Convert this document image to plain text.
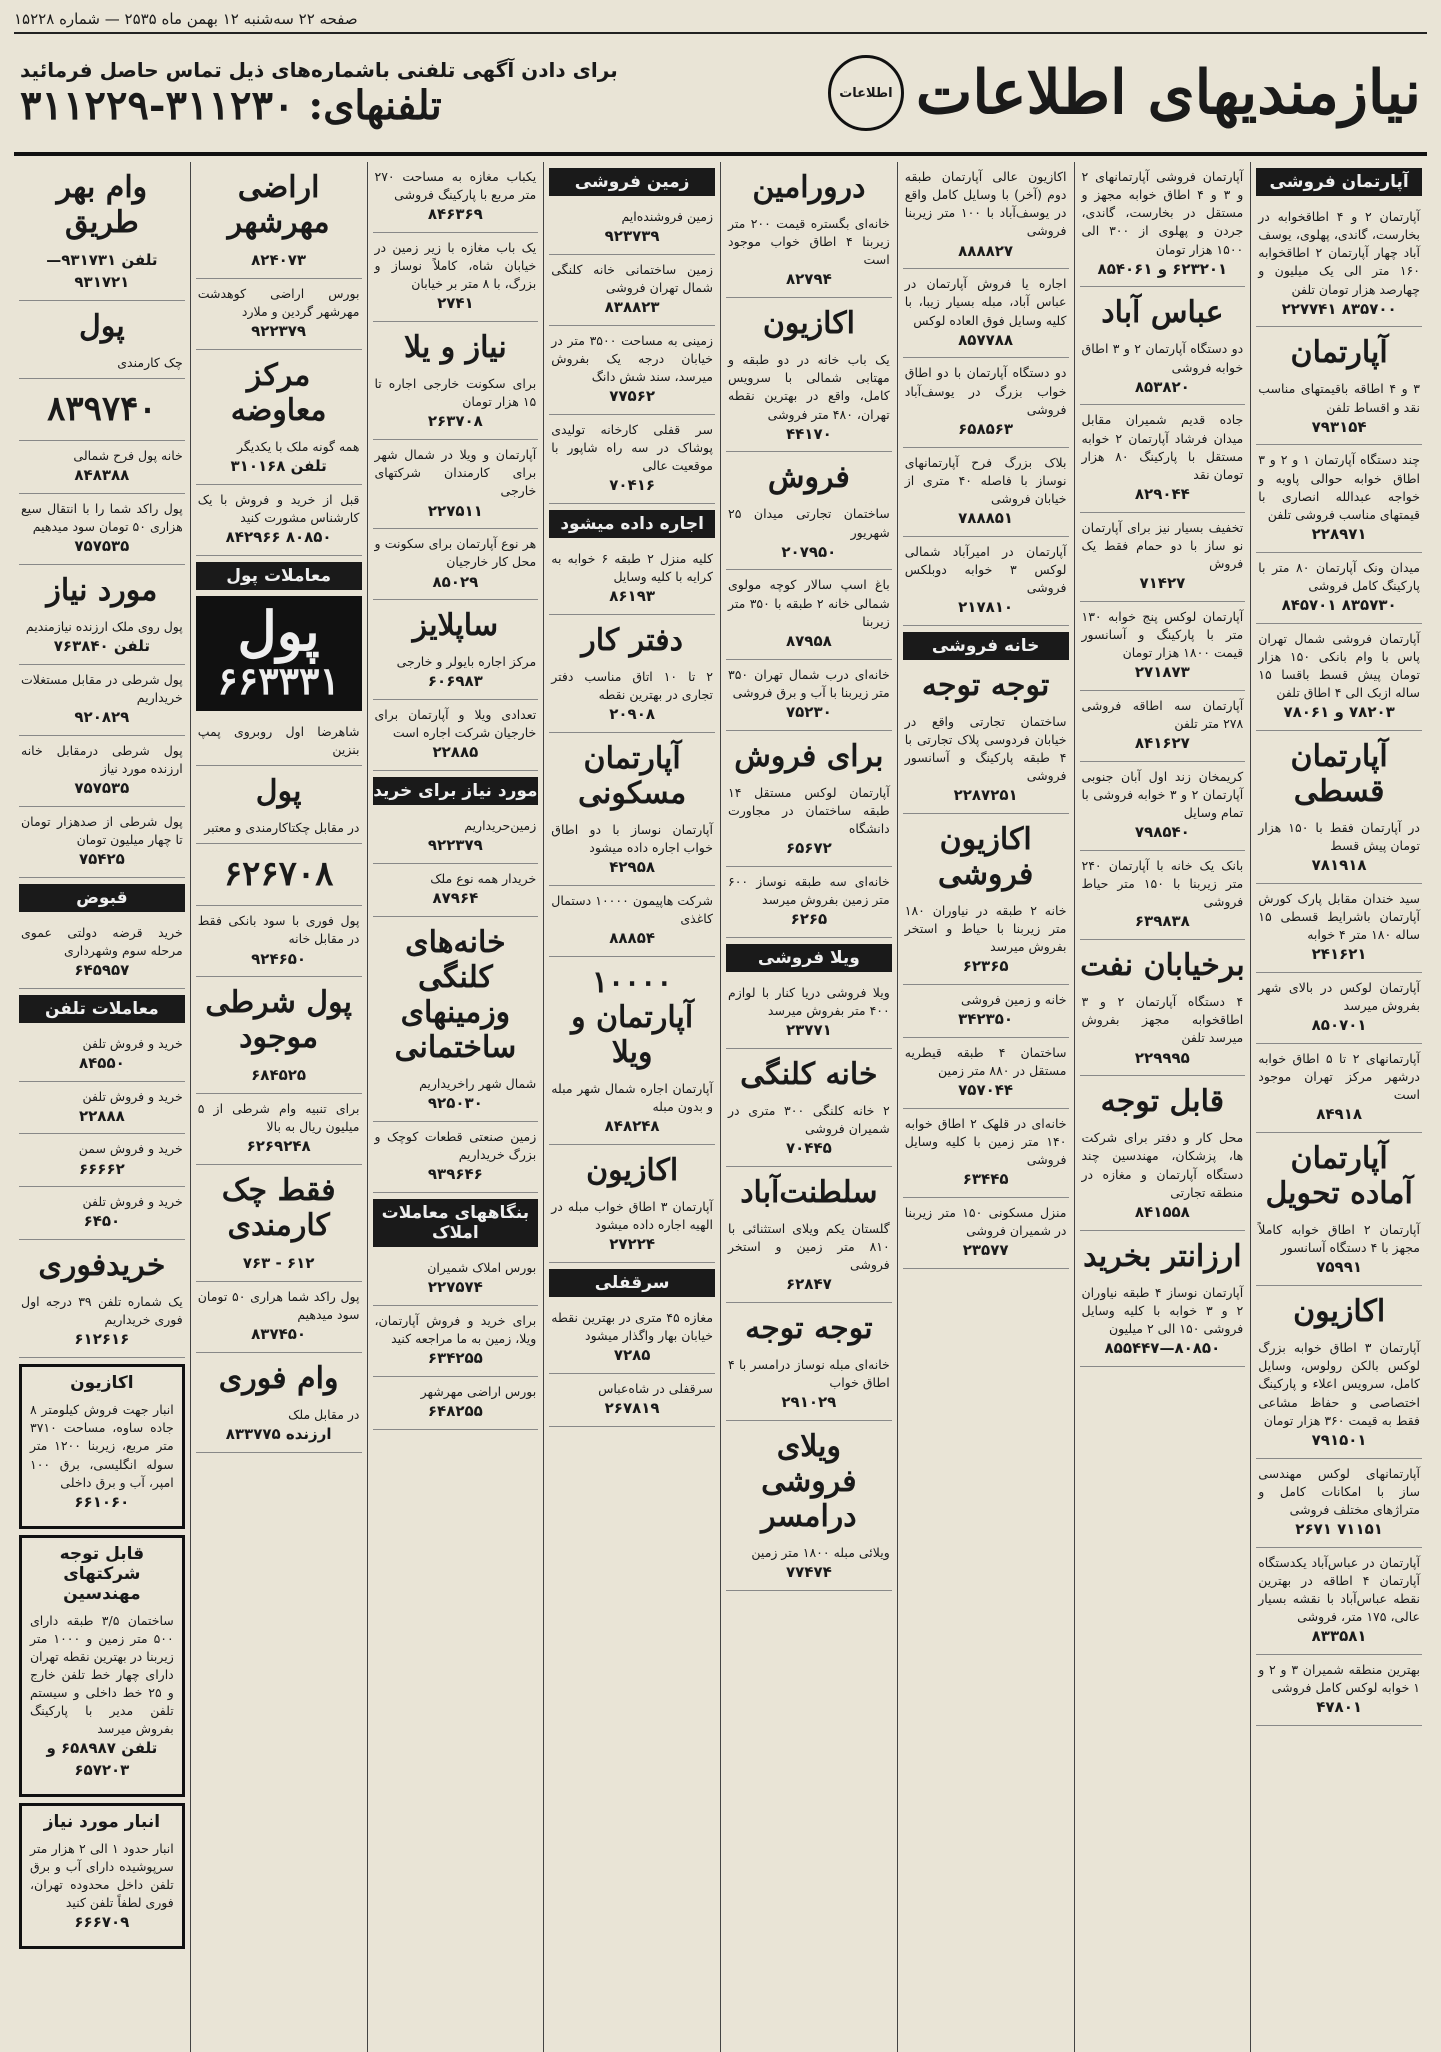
صفحه ۲۲ سه‌شنبه ۱۲ بهمن ماه ۲۵۳۵ — شماره ۱۵۲۲۸
نیازمندیهای اطلاعات
اطلاعات
برای دادن آگهی تلفنی باشماره‌های ذیل تماس حاصل فرمائید
تلفنهای: ۳۱۱۲۳۰-۳۱۱۲۲۹
آپارتمان فروشی
آپارتمان ۲ و ۴ اطاقخوابه در بخارست، گاندی، پهلوی، یوسف آباد چهار آپارتمان ۲ اطاقخوابه ۱۶۰ متر الی یک میلیون و چهارصد هزار تومان تلفن
۸۳۵۷۰۰ ۲۲۷۷۴۱
آپارتمان
۳ و ۴ اطاقه باقیمتهای مناسب نقد و اقساط تلفن
۷۹۳۱۵۴
چند دستگاه آپارتمان ۱ و ۲ و ۳ اطاق خوابه حوالی پاویه و خواجه عبدالله انصاری با قیمتهای مناسب فروشی تلفن
۲۲۸۹۷۱
میدان ونک آپارتمان ۸۰ متر با پارکینگ کامل فروشی
۸۳۵۷۳۰ ۸۴۵۷۰۱
آپارتمان فروشی شمال تهران پاس با وام بانکی ۱۵۰ هزار تومان پیش قسط باقسا ۱۵ ساله ازبک الی ۴ اطاق تلفن
۷۸۲۰۳ و ۷۸۰۶۱
آپارتمان قسطی
در آپارتمان فقط با ۱۵۰ هزار تومان پیش قسط
۷۸۱۹۱۸
سید خندان مقابل پارک کورش آپارتمان باشرایط قسطی ۱۵ ساله ۱۸۰ متر ۴ خوابه
۲۴۱۶۲۱
آپارتمان لوکس در بالای شهر بفروش میرسد
۸۵۰۷۰۱
آپارتمانهای ۲ تا ۵ اطاق خوابه درشهر مرکز تهران موجود است
۸۴۹۱۸
آپارتمان آماده تحویل
آپارتمان ۲ اطاق خوابه کاملاً مجهز با ۴ دستگاه آسانسور
۷۵۹۹۱
اکازیون
آپارتمان ۳ اطاق خوابه بزرگ لوکس بالکن رولوس، وسایل کامل، سرویس اعلاء و پارکینگ اختصاصی و حفاظ مشاعی فقط به قیمت ۳۶۰ هزار تومان
۷۹۱۵۰۱
آپارتمانهای لوکس مهندسی ساز با امکانات کامل و متراژهای مختلف فروشی
۷۱۱۵۱ ۲۶۷۱
آپارتمان در عباس‌آباد یکدستگاه آپارتمان ۴ اطاقه در بهترین نقطه عباس‌آباد با نقشه بسیار عالی، ۱۷۵ متر، فروشی
۸۳۳۵۸۱
بهترین منطقه شمیران ۳ و ۲ و ۱ خوابه لوکس کامل فروشی
۴۷۸۰۱
آپارتمان فروشی آپارتمانهای ۲ و ۳ و ۴ اطاق خوابه مجهز و مستقل در بخارست، گاندی، جردن و پهلوی از ۳۰۰ الی ۱۵۰۰ هزار تومان
۶۲۳۲۰۱ و ۸۵۴۰۶۱
عباس آباد
دو دستگاه آپارتمان ۲ و ۳ اطاق خوابه فروشی
۸۵۳۸۲۰
جاده قدیم شمیران مقابل میدان فرشاد آپارتمان ۲ خوابه مستقل با پارکینگ ۸۰ هزار تومان نقد
۸۲۹۰۴۴
تخفیف بسیار نیز برای آپارتمان نو ساز با دو حمام فقط یک فروش
۷۱۴۲۷
آپارتمان لوکس پنج خوابه ۱۳۰ متر با پارکینگ و آسانسور قیمت ۱۸۰۰ هزار تومان
۲۷۱۸۷۳
آپارتمان سه اطاقه فروشی ۲۷۸ متر تلفن
۸۴۱۶۲۷
کریمخان زند اول آبان جنوبی آپارتمان ۲ و ۳ خوابه فروشی با تمام وسایل
۷۹۸۵۴۰
بانک یک خانه با آپارتمان ۲۴۰ متر زیربنا با ۱۵۰ متر حیاط فروشی
۶۳۹۸۳۸
برخیابان نفت
۴ دستگاه آپارتمان ۲ و ۳ اطاقخوابه مجهز بفروش میرسد تلفن
۲۲۹۹۹۵
قابل توجه
محل کار و دفتر برای شرکت ها، پزشکان، مهندسین چند دستگاه آپارتمان و مغازه در منطقه تجارتی
۸۴۱۵۵۸
ارزانتر بخرید
آپارتمان نوساز ۴ طبقه نیاوران ۲ و ۳ خوابه با کلیه وسایل فروشی ۱۵۰ الی ۲ میلیون
۸۰۸۵۰—۸۵۵۴۴۷
اکازیون عالی آپارتمان طبقه دوم (آخر) با وسایل کامل واقع در یوسف‌آباد با ۱۰۰ متر زیربنا فروشی
۸۸۸۸۲۷
اجاره یا فروش آپارتمان در عباس آباد، مبله بسیار زیبا، با کلیه وسایل فوق العاده لوکس
۸۵۷۷۸۸
دو دستگاه آپارتمان با دو اطاق خواب بزرگ در یوسف‌آباد فروشی
۶۵۸۵۶۳
بلاک بزرگ فرح آپارتمانهای نوساز با فاصله ۴۰ متری از خیابان فروشی
۷۸۸۸۵۱
آپارتمان در امیرآباد شمالی لوکس ۳ خوابه دوبلکس فروشی
۲۱۷۸۱۰
خانه فروشی
توجه توجه
ساختمان تجارتی واقع در خیابان فردوسی پلاک تجارتی با ۴ طبقه پارکینگ و آسانسور فروشی
۲۲۸۷۲۵۱
اکازیون فروشی
خانه ۲ طبقه در نیاوران ۱۸۰ متر زیربنا با حیاط و استخر بفروش میرسد
۶۲۳۶۵
خانه و زمین فروشی
۳۴۲۳۵۰
ساختمان ۴ طبقه قیطریه مستقل در ۸۸۰ متر زمین
۷۵۷۰۴۴
خانه‌ای در قلهک ۲ اطاق خوابه ۱۴۰ متر زمین با کلیه وسایل فروشی
۶۳۴۴۵
منزل مسکونی ۱۵۰ متر زیربنا در شمیران فروشی
۲۳۵۷۷
درورامین
خانه‌ای بگستره قیمت ۲۰۰ متر زیربنا ۴ اطاق خواب موجود است
۸۲۷۹۴
اکازیون
یک باب خانه در دو طبقه و مهتابی شمالی با سرویس کامل، واقع در بهترین نقطه تهران، ۴۸۰ متر فروشی
۴۴۱۷۰
فروش
ساختمان تجارتی میدان ۲۵ شهریور
۲۰۷۹۵۰
باغ اسپ سالار کوچه مولوی شمالی خانه ۲ طبقه با ۳۵۰ متر زیربنا
۸۷۹۵۸
خانه‌ای درب شمال تهران ۳۵۰ متر زیربنا با آب و برق فروشی
۷۵۲۳۰
برای فروش
آپارتمان لوکس مستقل ۱۴ طبقه ساختمان در مجاورت دانشگاه
۶۵۶۷۲
خانه‌ای سه طبقه نوساز ۶۰۰ متر زمین بفروش میرسد
۶۲۶۵
ویلا فروشی
ویلا فروشی دریا کنار با لوازم ۴۰۰ متر بفروش میرسد
۲۳۷۷۱
خانه کلنگی
۲ خانه کلنگی ۳۰۰ متری در شمیران فروشی
۷۰۴۴۵
سلطنت‌آباد
گلستان یکم ویلای استثنائی با ۸۱۰ متر زمین و استخر فروشی
۶۲۸۴۷
توجه توجه
خانه‌ای مبله نوساز درامسر با ۴ اطاق خواب
۲۹۱۰۲۹
ویلای فروشی درامسر
ویلائی مبله ۱۸۰۰ متر زمین
۷۷۴۷۴
زمین فروشی
زمین فروشنده‌ایم
۹۲۳۷۳۹
زمین ساختمانی خانه کلنگی شمال تهران فروشی
۸۳۸۸۲۳
زمینی به مساحت ۳۵۰۰ متر در خیابان درجه یک بفروش میرسد، سند شش دانگ
۷۷۵۶۲
سر قفلی کارخانه تولیدی پوشاک در سه راه شاپور با موقعیت عالی
۷۰۴۱۶
اجاره داده میشود
کلیه منزل ۲ طبقه ۶ خوابه به کرایه با کلیه وسایل
۸۶۱۹۳
دفتر کار
۲ تا ۱۰ اتاق مناسب دفتر تجاری در بهترین نقطه
۲۰۹۰۸
آپارتمان مسکونی
آپارتمان نوساز با دو اطاق خواب اجاره داده میشود
۴۲۹۵۸
شرکت هاپیمون ۱۰۰۰۰ دستمال کاغذی
۸۸۸۵۴
۱۰۰۰۰ آپارتمان و ویلا
آپارتمان اجاره شمال شهر مبله و بدون مبله
۸۴۸۲۴۸
اکازیون
آپارتمان ۳ اطاق خواب مبله در الهیه اجاره داده میشود
۲۷۲۲۴
سرقفلی
مغازه ۴۵ متری در بهترین نقطه خیابان بهار واگذار میشود
۷۲۸۵
سرقفلی در شاه‌عباس
۲۶۷۸۱۹
یکباب مغازه به مساحت ۲۷۰ متر مربع با پارکینگ فروشی
۸۴۶۳۶۹
یک باب مغازه با زیر زمین در خیابان شاه، کاملاً نوساز و بزرگ، با ۸ متر بر خیابان
۲۷۴۱
نیاز و یلا
برای سکونت خارجی اجاره تا ۱۵ هزار تومان
۲۶۳۷۰۸
آپارتمان و ویلا در شمال شهر برای کارمندان شرکتهای خارجی
۲۲۷۵۱۱
هر نوع آپارتمان برای سکونت و محل کار خارجیان
۸۵۰۲۹
ساپلایز
مرکز اجاره بایولر و خارجی
۶۰۶۹۸۳
تعدادی ویلا و آپارتمان برای خارجیان شرکت اجاره است
۲۲۸۸۵
مورد نیاز برای خرید
زمین‌حریداریم
۹۲۲۳۷۹
خریدار همه نوع ملک
۸۷۹۶۴
خانه‌های کلنگی وزمینهای ساختمانی
شمال شهر راخریداریم
۹۲۵۰۳۰
زمین صنعتی قطعات کوچک و بزرگ خریداریم
۹۳۹۶۴۶
بنگاههای معاملات املاک
بورس املاک شمیران
۲۲۷۵۷۴
برای خرید و فروش آپارتمان، ویلا، زمین به ما مراجعه کنید
۶۳۴۲۵۵
بورس اراضی مهرشهر
۶۴۸۲۵۵
اراضی مهرشهر
۸۲۴۰۷۳
بورس اراضی کوهدشت مهرشهر گردین و ملارد
۹۲۲۳۷۹
مرکز معاوضه
همه گونه ملک با یکدیگر
تلفن ۳۱۰۱۶۸
قبل از خرید و فروش با یک کارشناس مشورت کنید
۸۰۸۵۰ ۸۴۲۹۶۶
معاملات پول
پول
۶۶۳۳۳۱
شاهرضا اول روبروی پمپ بنزین
پول
در مقابل چکتاکارمندی و معتبر
۶۲۶۷۰۸
پول فوری با سود بانکی فقط در مقابل خانه
۹۲۴۶۵۰
پول شرطی موجود
۶۸۴۵۲۵
برای تنبیه وام شرطی از ۵ میلیون ریال به بالا
۶۲۶۹۲۴۸
فقط چک کارمندی
۶۱۲ - ۷۶۳
پول راکد شما هراری ۵۰ تومان سود میدهیم
۸۳۷۴۵۰
وام فوری
در مقابل ملک
ارزنده ۸۳۳۷۷۵
وام بهر طریق
تلفن ۹۳۱۷۳۱—۹۳۱۷۲۱
پول
چک کارمندی
۸۳۹۷۴۰
خانه پول فرح شمالی
۸۴۸۳۸۸
پول راکد شما را با انتقال سیع هزاری ۵۰ تومان سود میدهیم
۷۵۷۵۳۵
مورد نیاز
پول روی ملک ارزنده نیازمندیم
تلفن ۷۶۳۸۴۰
پول شرطی در مقابل مستغلات خریداریم
۹۲۰۸۲۹
پول شرطی درمقابل خانه ارزنده مورد نیاز
۷۵۷۵۳۵
پول شرطی از صدهزار تومان تا چهار میلیون تومان
۷۵۴۲۵
قبوض
خرید قرضه دولتی عموی مرحله سوم وشهرداری
۶۴۵۹۵۷
معاملات تلفن
خرید و فروش تلفن
۸۴۵۵۰
خرید و فروش تلفن
۲۲۸۸۸
خرید و فروش سمن
۶۶۶۶۲
خرید و فروش تلفن
۶۴۵۰
خریدفوری
یک شماره تلفن ۳۹ درجه اول فوری خریداریم
۶۱۲۶۱۶
اکازیون
انبار جهت فروش کیلومتر ۸ جاده ساوه، مساحت ۳۷۱۰ متر مربع، زیربنا ۱۲۰۰ متر سوله انگلیسی، برق ۱۰۰ امپر، آب و برق داخلی
۶۶۱۰۶۰
قابل توجه شرکتهای مهندسین
ساختمان ۳/۵ طبقه دارای ۵۰۰ متر زمین و ۱۰۰۰ متر زیربنا در بهترین نقطه تهران دارای چهار خط تلفن خارج و ۲۵ خط داخلی و سیستم تلفن مدیر با پارکینگ بفروش میرسد
تلفن ۶۵۸۹۸۷ و ۶۵۷۲۰۳
انبار مورد نیاز
انبار حدود ۱ الی ۲ هزار متر سرپوشیده دارای آب و برق تلفن داخل محدوده تهران، فوری لطفاً تلفن کنید
۶۶۶۷۰۹
